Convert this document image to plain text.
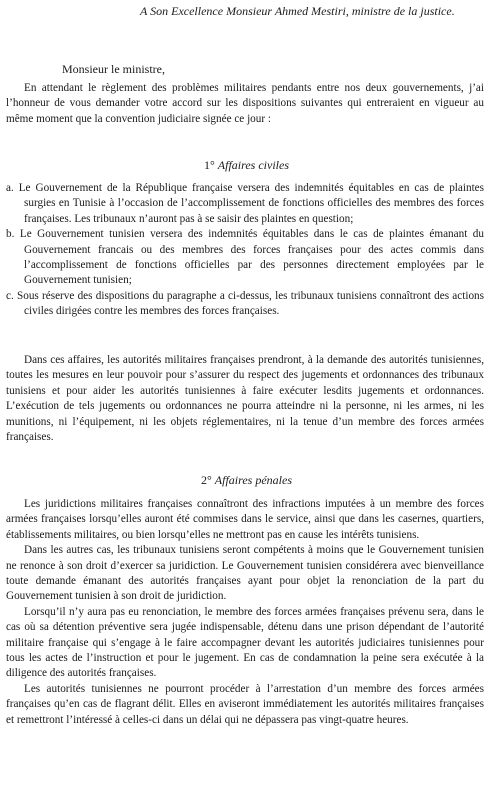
A Son Excellence Monsieur Ahmed Mestiri, ministre de la justice.

Monsieur le ministre,

En attendant le règlement des problèmes militaires pendants entre nos deux gouvernements, j’ai l’honneur de vous demander votre accord sur les dispositions suivantes qui entreraient en vigueur au même moment que la convention judiciaire signée ce jour :

1° Affaires civiles

a. Le Gouvernement de la République française versera des indemnités équitables en cas de plaintes surgies en Tunisie à l’occasion de l’accomplissement de fonctions officielles des membres des forces françaises. Les tribunaux n’auront pas à se saisir des plaintes en question;

b. Le Gouvernement tunisien versera des indemnités équitables dans le cas de plaintes émanant du Gouvernement francais ou des membres des forces françaises pour des actes commis dans l’accomplissement de fonctions officielles par des personnes directement employées par le Gouvernement tunisien;

c. Sous réserve des dispositions du paragraphe a ci-dessus, les tribunaux tunisiens connaîtront des actions civiles dirigées contre les membres des forces françaises.

Dans ces affaires, les autorités militaires françaises prendront, à la demande des autorités tunisiennes, toutes les mesures en leur pouvoir pour s’assurer du respect des jugements et ordonnances des tribunaux tunisiens et pour aider les autorités tunisiennes à faire exécuter lesdits jugements et ordonnances. L’exécution de tels jugements ou ordonnances ne pourra atteindre ni la personne, ni les armes, ni les munitions, ni l’équipement, ni les objets réglementaires, ni la tenue d’un membre des forces armées françaises.

2° Affaires pénales

Les juridictions militaires françaises connaîtront des infractions imputées à un membre des forces armées françaises lorsqu’elles auront été commises dans le service, ainsi que dans les casernes, quartiers, établissements militaires, ou bien lorsqu’elles ne mettront pas en cause les intérêts tunisiens.

Dans les autres cas, les tribunaux tunisiens seront compétents à moins que le Gouvernement tunisien ne renonce à son droit d’exercer sa juridiction. Le Gouvernement tunisien considérera avec bienveillance toute demande émanant des autorités françaises ayant pour objet la renonciation de la part du Gouvernement tunisien à son droit de juridiction.

Lorsqu’il n’y aura pas eu renonciation, le membre des forces armées françaises prévenu sera, dans le cas où sa détention préventive sera jugée indispensable, détenu dans une prison dépendant de l’autorité militaire française qui s’engage à le faire accompagner devant les autorités judiciaires tunisiennes pour tous les actes de l’instruction et pour le jugement. En cas de condamnation la peine sera exécutée à la diligence des autorités françaises.

Les autorités tunisiennes ne pourront procéder à l’arrestation d’un membre des forces armées françaises qu’en cas de flagrant délit. Elles en aviseront immédiatement les autorités militaires françaises et remettront l’intéressé à celles-ci dans un délai qui ne dépassera pas vingt-quatre heures.
